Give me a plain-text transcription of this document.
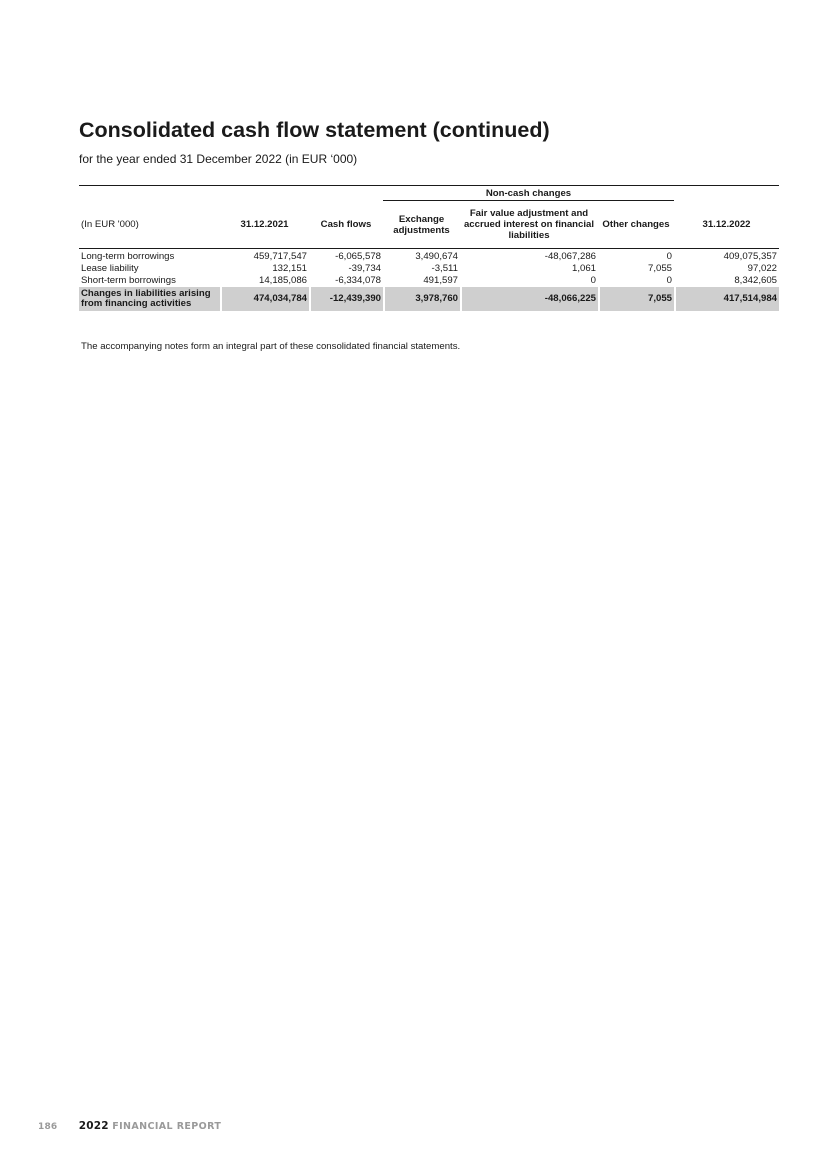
Consolidated cash flow statement (continued)
for the year ended 31 December 2022 (in EUR ‘000)

			Non-cash changes			
(In EUR '000)	31.12.2021	Cash flows	Exchange adjustments	Fair value adjustment and accrued interest on financial liabilities	Other changes	31.12.2022

Long-term borrowings	459,717,547	-6,065,578	3,490,674	-48,067,286	0	409,075,357
Lease liability	132,151	-39,734	-3,511	1,061	7,055	97,022
Short-term borrowings	14,185,086	-6,334,078	491,597	0	0	8,342,605
Changes in liabilities arising from financing activities	474,034,784	-12,439,390	3,978,760	-48,066,225	7,055	417,514,984
The accompanying notes form an integral part of these consolidated financial statements.
186 2022 FINANCIAL REPORT
